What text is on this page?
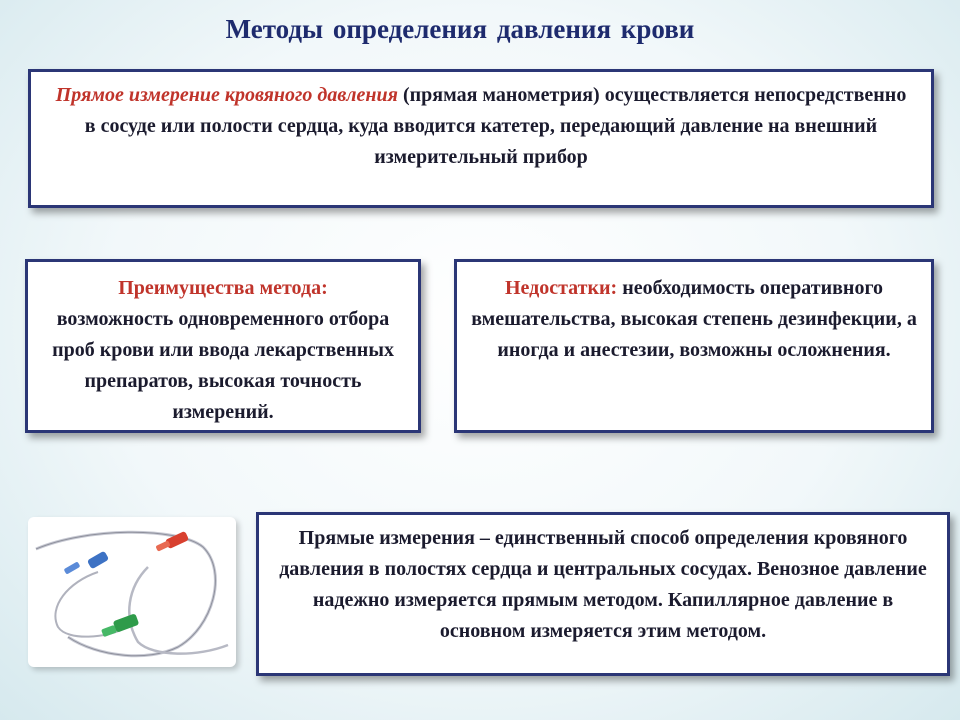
Методы определения давления крови
Прямое измерение кровяного давления (прямая манометрия) осуществляется непосредственно в сосуде или полости сердца, куда вводится катетер, передающий давление на внешний измерительный прибор
Преимущества метода:
возможность одновременного отбора проб крови или ввода лекарственных препаратов, высокая точность измерений.
Недостатки: необходимость оперативного вмешательства, высокая степень дезинфекции, а иногда и анестезии, возможны осложнения.
Прямые измерения – единственный способ определения кровяного давления в полостях сердца и центральных сосудах. Венозное давление надежно измеряется прямым методом. Капиллярное давление в основном измеряется этим методом.
